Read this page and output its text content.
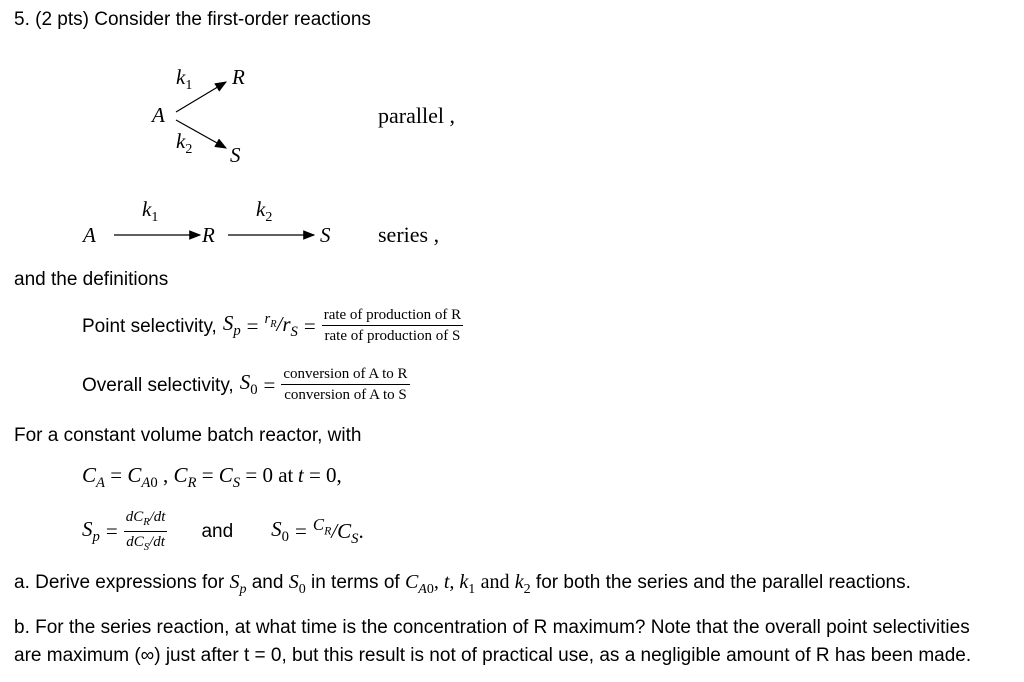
5. (2 pts) Consider the first-order reactions
A
$k_1$ R
$k_2$ S
parallel ,
A
$k_1$
R
$k_2$
S series ,
and the definitions
Point selectivity, $S_p = ^{r_R}/r_S = \frac{\text{rate of production of R}}{\text{rate of production of S}}$
Overall selectivity, $S_0 = \frac{\text{conversion of A to R}}{\text{conversion of A to S}}$
For a constant volume batch reactor, with
$C_A = C_{A0}$ , $C_R = C_S = 0$ at t = 0,
$S_p = \frac{dC_R/dt}{dC_S/dt}$ and $S_0 = ^{C_R}/C_S$.
a. Derive expressions for $S_p$ and $S_0$ in terms of $C_{A0}$, t, $k_1$ and $k_2$ for both the series and the parallel reactions.
b. For the series reaction, at what time is the concentration of R maximum? Note that the overall point selectivities
are maximum (∞) just after t = 0, but this result is not of practical use, as a negligible amount of R has been made.
